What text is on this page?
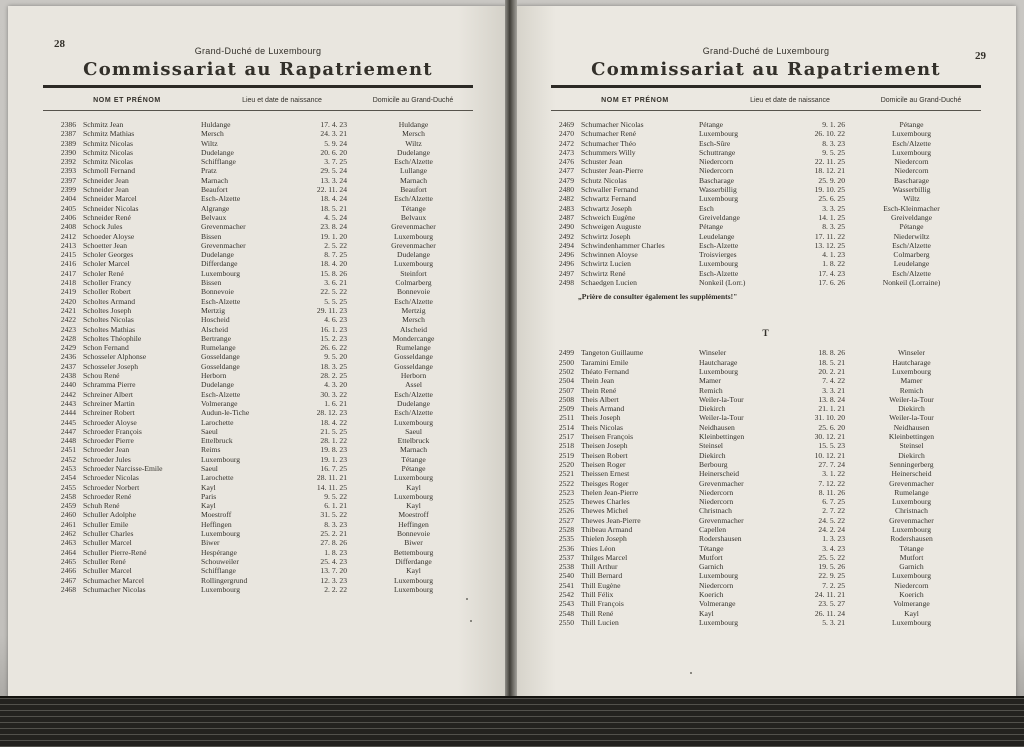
28
Grand-Duché de Luxembourg
Commissariat au Rapatriement
NOM ET PRÉNOM	Lieu et date de naissance	Domicile au Grand-Duché
2386 Schmitz Jean	Huldange	17. 4. 23	Huldange
2387 Schmitz Mathias	Mersch	24. 3. 21	Mersch
2389 Schmitz Nicolas	Wiltz	5. 9. 24	Wiltz
2390 Schmitz Nicolas	Dudelange	20. 6. 20	Dudelange
2392 Schmitz Nicolas	Schifflange	3. 7. 25	Esch/Alzette
2393 Schmoll Fernand	Pratz	29. 5. 24	Lullange
2397 Schneider Jean	Marnach	13. 3. 24	Marnach
2399 Schneider Jean	Beaufort	22. 11. 24	Beaufort
2404 Schneider Marcel	Esch-Alzette	18. 4. 24	Esch/Alzette
2405 Schneider Nicolas	Algrange	18. 5. 21	Tétange
2406 Schneider René	Belvaux	4. 5. 24	Belvaux
2408 Schock Jules	Grevenmacher	23. 8. 24	Grevenmacher
2412 Schoeder Aloyse	Bissen	19. 1. 20	Luxembourg
2413 Schoetter Jean	Grevenmacher	2. 5. 22	Grevenmacher
2415 Scholer Georges	Dudelange	8. 7. 25	Dudelange
2416 Scholer Marcel	Differdange	18. 4. 20	Luxembourg
2417 Scholer René	Luxembourg	15. 8. 26	Steinfort
2418 Scholler Francy	Bissen	3. 6. 21	Colmarberg
2419 Scholler Robert	Bonnevoie	22. 5. 22	Bonnevoie
2420 Scholtes Armand	Esch-Alzette	5. 5. 25	Esch/Alzette
2421 Scholtes Joseph	Mertzig	29. 11. 23	Mertzig
2422 Scholtes Nicolas	Hoscheid	4. 6. 23	Mersch
2423 Scholtes Mathias	Alscheid	16. 1. 23	Alscheid
2428 Scholtes Théophile	Bertrange	15. 2. 23	Mondercange
2429 Schon Fernand	Rumelange	26. 6. 22	Rumelange
2436 Schosseler Alphonse	Gosseldange	9. 5. 20	Gosseldange
2437 Schosseler Joseph	Gosseldange	18. 3. 25	Gosseldange
2438 Schou René	Herborn	28. 2. 25	Herborn
2440 Schramma Pierre	Dudelange	4. 3. 20	Assel
2442 Schreiner Albert	Esch-Alzette	30. 3. 22	Esch/Alzette
2443 Schreiner Martin	Volmerange	1. 6. 21	Dudelange
2444 Schreiner Robert	Audun-le-Tiche	28. 12. 23	Esch/Alzette
2445 Schroeder Aloyse	Larochette	18. 4. 22	Luxembourg
2447 Schroeder François	Saeul	21. 5. 25	Saeul
2448 Schroeder Pierre	Ettelbruck	28. 1. 22	Ettelbruck
2451 Schroeder Jean	Reims	19. 8. 23	Marnach
2452 Schroeder Jules	Luxembourg	19. 1. 23	Tétange
2453 Schroeder Narcisse-Emile	Saeul	16. 7. 25	Pétange
2454 Schroeder Nicolas	Larochette	28. 11. 21	Luxembourg
2455 Schroeder Norbert	Kayl	14. 11. 25	Kayl
2458 Schroeder René	Paris	9. 5. 22	Luxembourg
2459 Schuh René	Kayl	6. 1. 21	Kayl
2460 Schuller Adolphe	Moestroff	31. 5. 22	Moestroff
2461 Schuller Emile	Heffingen	8. 3. 23	Heffingen
2462 Schuller Charles	Luxembourg	25. 2. 21	Bonnevoie
2463 Schuller Marcel	Biwer	27. 8. 26	Biwer
2464 Schuller Pierre-René	Hespérange	1. 8. 23	Bettembourg
2465 Schuller René	Schouweiler	25. 4. 23	Differdange
2466 Schuller Marcel	Schifflange	13. 7. 20	Kayl
2467 Schumacher Marcel	Rollingergrund	12. 3. 23	Luxembourg
2468 Schumacher Nicolas	Luxembourg	2. 2. 22	Luxembourg
29
Grand-Duché de Luxembourg
Commissariat au Rapatriement
NOM ET PRÉNOM	Lieu et date de naissance	Domicile au Grand-Duché
2469 Schumacher Nicolas	Pétange	9. 1. 26	Pétange
2470 Schumacher René	Luxembourg	26. 10. 22	Luxembourg
2472 Schumacher Théo	Esch-Sûre	8. 3. 23	Esch/Alzette
2473 Schummers Willy	Schuttrange	9. 5. 25	Luxembourg
2476 Schuster Jean	Niedercorn	22. 11. 25	Niedercorn
2477 Schuster Jean-Pierre	Niedercorn	18. 12. 21	Niedercorn
2479 Schutz Nicolas	Bascharage	25. 9. 20	Bascharage
2480 Schwaller Fernand	Wasserbillig	19. 10. 25	Wasserbillig
2482 Schwartz Fernand	Luxembourg	25. 6. 25	Wiltz
2483 Schwartz Joseph	Esch	3. 3. 25	Esch-Kleinmacher
2487 Schweich Eugène	Greiveldange	14. 1. 25	Greiveldange
2490 Schweigen Auguste	Pétange	8. 3. 25	Pétange
2492 Schwirtz Joseph	Leudelange	17. 11. 22	Niederwiltz
2494 Schwindenhammer Charles	Esch-Alzette	13. 12. 25	Esch/Alzette
2496 Schwinnen Aloyse	Troisvierges	4. 1. 23	Colmarberg
2496 Schwirtz Lucien	Luxembourg	1. 8. 22	Leudelange
2497 Schwirtz René	Esch-Alzette	17. 4. 23	Esch/Alzette
2498 Schaedgen Lucien	Nonkeil (Lorr.)	17. 6. 26	Nonkeil (Lorraine)
„Prière de consulter également les suppléments!"
T
2499 Tangeton Guillaume	Winseler	18. 8. 26	Winseler
2500 Taramini Emile	Hautcharage	18. 5. 21	Hautcharage
2502 Théato Fernand	Luxembourg	20. 2. 21	Luxembourg
2504 Thein Jean	Mamer	7. 4. 22	Mamer
2507 Thein René	Remich	3. 3. 21	Remich
2508 Theis Albert	Weiler-la-Tour	13. 8. 24	Weiler-la-Tour
2509 Theis Armand	Diekirch	21. 1. 21	Diekirch
2511 Theis Joseph	Weiler-la-Tour	31. 10. 20	Weiler-la-Tour
2514 Theis Nicolas	Neidhausen	25. 6. 20	Neidhausen
2517 Theisen François	Kleinbettingen	30. 12. 21	Kleinbettingen
2518 Theisen Joseph	Steinsel	15. 5. 23	Steinsel
2519 Theisen Robert	Diekirch	10. 12. 21	Diekirch
2520 Theisen Roger	Berbourg	27. 7. 24	Senningerberg
2521 Theissen Ernest	Heinerscheid	3. 1. 22	Heinerscheid
2522 Theisges Roger	Grevenmacher	7. 12. 22	Grevenmacher
2523 Thelen Jean-Pierre	Niedercorn	8. 11. 26	Rumelange
2525 Thewes Charles	Niedercorn	6. 7. 25	Luxembourg
2526 Thewes Michel	Christnach	2. 7. 22	Christnach
2527 Thewes Jean-Pierre	Grevenmacher	24. 5. 22	Grevenmacher
2528 Thibeau Armand	Capellen	24. 2. 24	Luxembourg
2535 Thielen Joseph	Rodershausen	1. 3. 23	Rodershausen
2536 Thies Léon	Tétange	3. 4. 23	Tétange
2537 Thilges Marcel	Mutfort	25. 5. 22	Mutfort
2538 Thill Arthur	Garnich	19. 5. 26	Garnich
2540 Thill Bernard	Luxembourg	22. 9. 25	Luxembourg
2541 Thill Eugène	Niedercorn	7. 2. 25	Niedercorn
2542 Thill Félix	Koerich	24. 11. 21	Koerich
2543 Thill François	Volmerange	23. 5. 27	Volmerange
2548 Thill René	Kayl	26. 11. 24	Kayl
2550 Thill Lucien	Luxembourg	5. 3. 21	Luxembourg
